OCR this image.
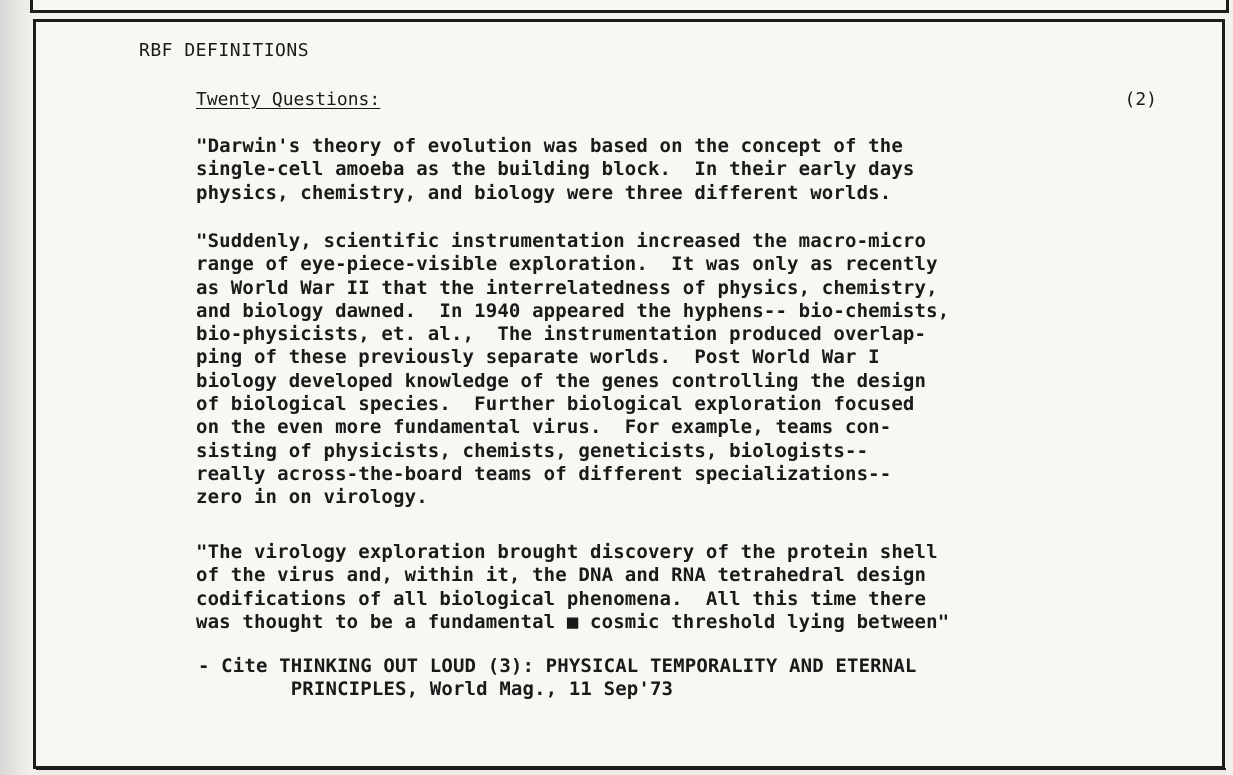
RBF DEFINITIONS
Twenty Questions:	(2)

"Darwin's theory of evolution was based on the concept of the
single-cell amoeba as the building block.  In their early days
physics, chemistry, and biology were three different worlds.

"Suddenly, scientific instrumentation increased the macro-micro
range of eye-piece-visible exploration.  It was only as recently
as World War II that the interrelatedness of physics, chemistry,
and biology dawned.  In 1940 appeared the hyphens-- bio-chemists,
bio-physicists, et. al.,  The instrumentation produced overlap-
ping of these previously separate worlds.  Post World War I
biology developed knowledge of the genes controlling the design
of biological species.  Further biological exploration focused
on the even more fundamental virus.  For example, teams con-
sisting of physicists, chemists, geneticists, biologists--
really across-the-board teams of different specializations--
zero in on virology.

"The virology exploration brought discovery of the protein shell
of the virus and, within it, the DNA and RNA tetrahedral design
codifications of all biological phenomena.  All this time there
was thought to be a fundamental ■ cosmic threshold lying between"

- Cite THINKING OUT LOUD (3): PHYSICAL TEMPORALITY AND ETERNAL
PRINCIPLES, World Mag., 11 Sep'73
